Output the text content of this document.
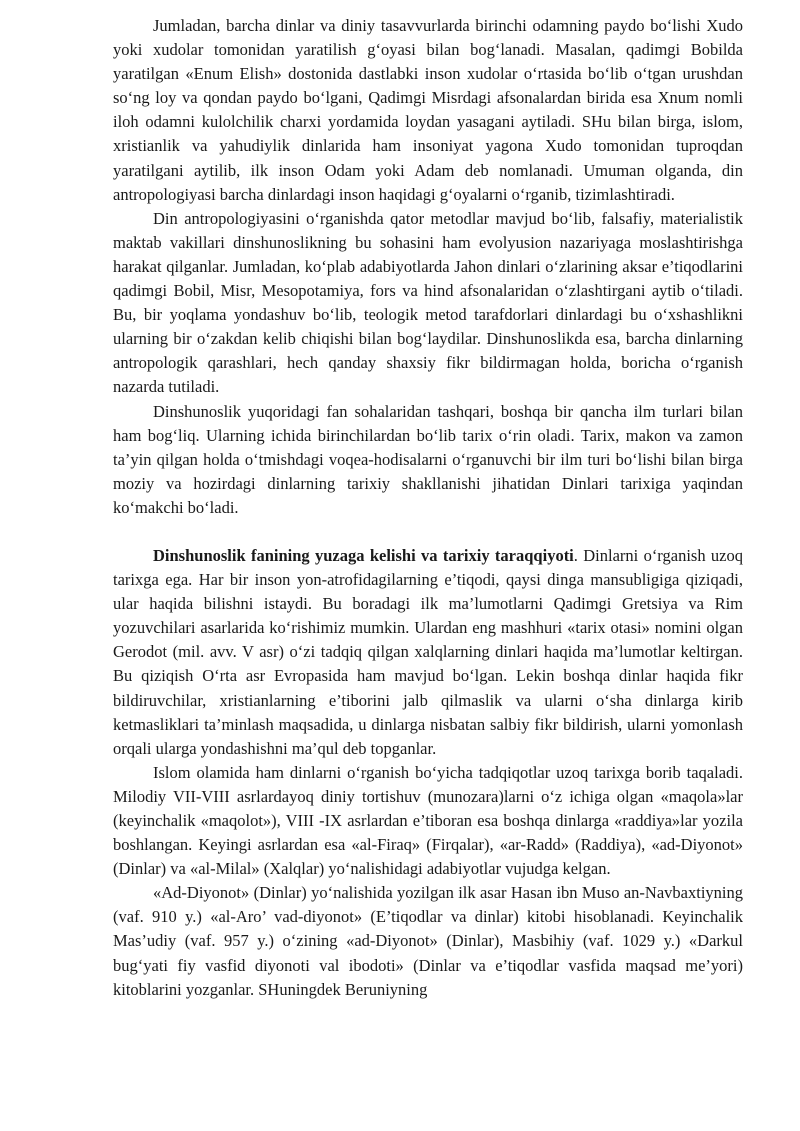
Jumladan, barcha dinlar va diniy tasavvurlarda birinchi odamning paydo bo‘lishi Xudo yoki xudolar tomonidan yaratilish g‘oyasi bilan bog‘lanadi. Masalan, qadimgi Bobilda yaratilgan «Enum Elish» dostonida dastlabki inson xudolar o‘rtasida bo‘lib o‘tgan urushdan so‘ng loy va qondan paydo bo‘lgani, Qadimgi Misrdagi afsonalardan birida esa Xnum nomli iloh odamni kulolchilik charxi yordamida loydan yasagani aytiladi. SHu bilan birga, islom, xristianlik va yahudiylik dinlarida ham insoniyat yagona Xudo tomonidan tuproqdan yaratilgani aytilib, ilk inson Odam yoki Adam deb nomlanadi. Umuman olganda, din antropologiyasi barcha dinlardagi inson haqidagi g‘oyalarni o‘rganib, tizimlashtiradi.

Din antropologiyasini o‘rganishda qator metodlar mavjud bo‘lib, falsafiy, materialistik maktab vakillari dinshunoslikning bu sohasini ham evolyusion nazariyaga moslashtirishga harakat qilganlar. Jumladan, ko‘plab adabiyotlarda Jahon dinlari o‘zlarining aksar e’tiqodlarini qadimgi Bobil, Misr, Mesopotamiya, fors va hind afsonalaridan o‘zlashtirgani aytib o‘tiladi. Bu, bir yoqlama yondashuv bo‘lib, teologik metod tarafdorlari dinlardagi bu o‘xshashlikni ularning bir o‘zakdan kelib chiqishi bilan bog‘laydilar. Dinshunoslikda esa, barcha dinlarning antropologik qarashlari, hech qanday shaxsiy fikr bildirmagan holda, boricha o‘rganish nazarda tutiladi.

Dinshunoslik yuqoridagi fan sohalaridan tashqari, boshqa bir qancha ilm turlari bilan ham bog‘liq. Ularning ichida birinchilardan bo‘lib tarix o‘rin oladi. Tarix, makon va zamon ta’yin qilgan holda o‘tmishdagi voqea-hodisalarni o‘rganuvchi bir ilm turi bo‘lishi bilan birga moziy va hozirdagi dinlarning tarixiy shakllanishi jihatidan Dinlari tarixiga yaqindan ko‘makchi bo‘ladi.

Dinshunoslik fanining yuzaga kelishi va tarixiy taraqqiyoti. Dinlarni o‘rganish uzoq tarixga ega. Har bir inson yon-atrofidagilarning e’tiqodi, qaysi dinga mansubligiga qiziqadi, ular haqida bilishni istaydi. Bu boradagi ilk ma’lumotlarni Qadimgi Gretsiya va Rim yozuvchilari asarlarida ko‘rishimiz mumkin. Ulardan eng mashhuri «tarix otasi» nomini olgan Gerodot (mil. avv. V asr) o‘zi tadqiq qilgan xalqlarning dinlari haqida ma’lumotlar keltirgan. Bu qiziqish O‘rta asr Evropasida ham mavjud bo‘lgan. Lekin boshqa dinlar haqida fikr bildiruvchilar, xristianlarning e’tiborini jalb qilmaslik va ularni o‘sha dinlarga kirib ketmasliklari ta’minlash maqsadida, u dinlarga nisbatan salbiy fikr bildirish, ularni yomonlash orqali ularga yondashishni ma’qul deb topganlar.

Islom olamida ham dinlarni o‘rganish bo‘yicha tadqiqotlar uzoq tarixga borib taqaladi. Milodiy VII-VIII asrlardayoq diniy tortishuv (munozara)larni o‘z ichiga olgan «maqola»lar (keyinchalik «maqolot»), VIII -IX asrlardan e’tiboran esa boshqa dinlarga «raddiya»lar yozila boshlangan. Keyingi asrlardan esa «al-Firaq» (Firqalar), «ar-Radd» (Raddiya), «ad-Diyonot» (Dinlar) va «al-Milal» (Xalqlar) yo‘nalishidagi adabiyotlar vujudga kelgan.

«Ad-Diyonot» (Dinlar) yo‘nalishida yozilgan ilk asar Hasan ibn Muso an-Navbaxtiyning (vaf. 910 y.) «al-Aro’ vad-diyonot» (E’tiqodlar va dinlar) kitobi hisoblanadi. Keyinchalik Mas’udiy (vaf. 957 y.) o‘zining «ad-Diyonot» (Dinlar), Masbihiy (vaf. 1029 y.) «Darkul bug‘yati fiy vasfid diyonoti val ibodoti» (Dinlar va e’tiqodlar vasfida maqsad me’yori) kitoblarini yozganlar. SHuningdek Beruniyning
